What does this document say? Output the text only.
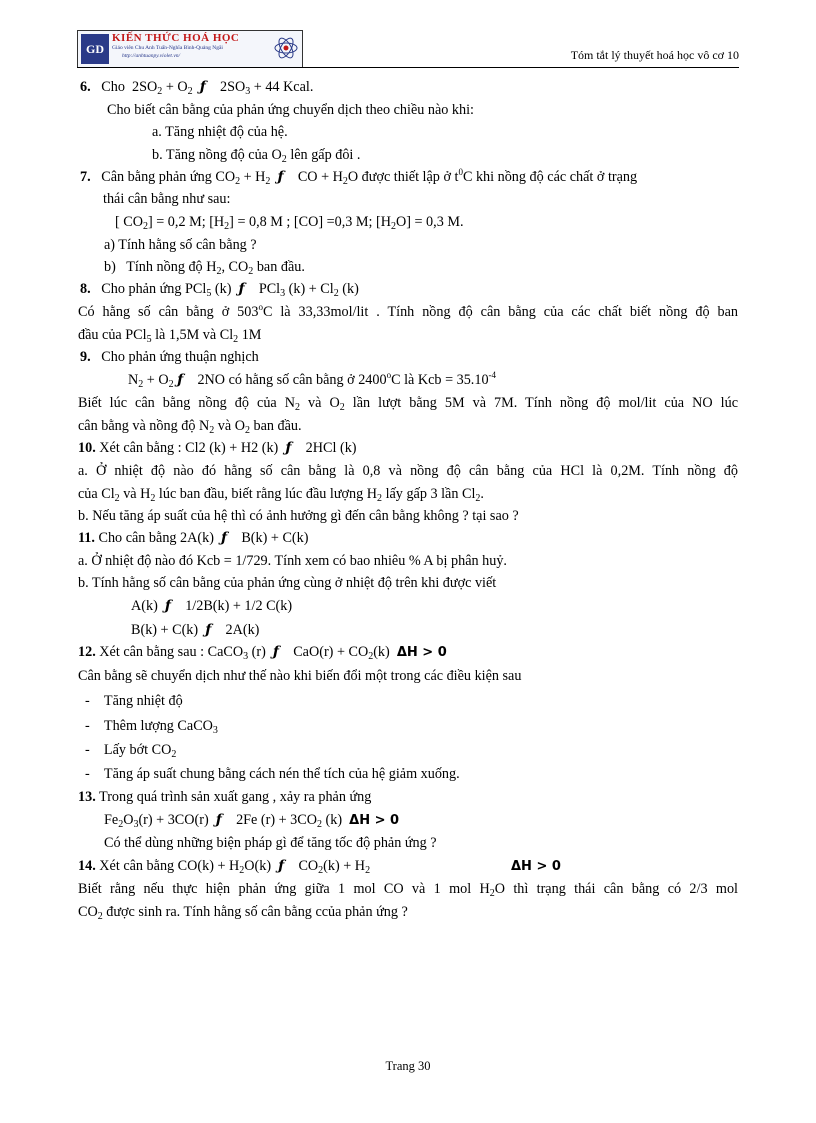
GD
KIẾN THỨC HOÁ HỌC
Giáo viên Chu Anh Tuấn-Nghĩa Bình-Quảng Ngãi
http://anhtuanpy.violet.vn/	Tóm tắt lý thuyết hoá học vô cơ 10
6. Cho $2SO_2 + O_2$ ƒ $2SO_3 + 44$ Kcal.
Cho biết cân bằng của phản ứng chuyển dịch theo chiều nào khi:
a. Tăng nhiệt độ của hệ.
b. Tăng nồng độ của $O_2$ lên gấp đôi .
7. Cân bằng phản ứng $CO_2 + H_2$ ƒ    CO + $H_2O$ được thiết lập ở $t^0C$ khi nồng độ các chất ở trạng
thái cân bằng như sau:
[ $CO_2] = 0,2$ M; $[H_2] = 0,8$ M ; [CO] =0,3 M; $[H_2O] = 0,3$ M.
a) Tính hằng số cân bằng ?
b)   Tính nồng độ $H_2$, $CO_2$ ban đầu.
8. Cho phản ứng PCl$_5$ (k) ƒ    PCl$_3$ $(k) + Cl_2$ (k)
Có hằng số cân bằng ở 503$^o$C là 33,33mol/lit . Tính nồng độ cân bằng của các chất biết nồng độ ban
đầu của PCl$_5$ là 1,5M và $Cl_2$ 1M
9. Cho phản ứng thuận nghịch
$N_2 + O_2$ ƒ    2NO có hằng số cân bằng ở 2400$^o$C là Kcb = $35.10^{-4}$
Biết lúc cân bằng nồng độ của $N_2$ và $O_2$ lần lượt bằng 5M và 7M. Tính nồng độ mol/lit của NO lúc
cân bằng và nồng độ $N_2$ và $O_2$ ban đầu.
10. Xét cân bằng : Cl2 (k) + H2 (k) ƒ    2HCl (k)
a. Ở nhiệt độ nào đó hằng số cân bằng là 0,8 và nồng độ cân bằng của HCl là 0,2M. Tính nồng độ
của $Cl_2$ và $H_2$ lúc ban đầu, biết rằng lúc đầu lượng $H_2$ lấy gấp 3 lần $Cl_2$.
b. Nếu tăng áp suất của hệ thì có ảnh hưởng gì đến cân bằng không ? tại sao ?
11. Cho cân bằng 2A(k) ƒ    B(k) + C(k)
a. Ở nhiệt độ nào đó Kcb = 1/729. Tính xem có bao nhiêu % A bị phân huỷ.
b. Tính hằng số cân bằng của phản ứng cùng ở nhiệt độ trên khi được viết
A(k) ƒ    1/2B(k) + 1/2 C(k)
B(k) + C(k) ƒ    2A(k)
12. Xét cân bằng sau : CaCO$_3$ (r) ƒ    $CaO(r) + CO_2(k) \Delta H > 0$
Cân bằng sẽ chuyển dịch như thế nào khi biến đổi một trong các điều kiện sau
-    Tăng nhiệt độ
-    Thêm lượng CaCO$_3$
-    Lấy bớt $CO_2$
-    Tăng áp suất chung bằng cách nén thể tích của hệ giảm xuống.
13. Trong quá trình sản xuất gang , xảy ra phản ứng
$Fe_2O_3(r) + 3CO(r)$ ƒ    2Fe $(r) + 3CO_2$ (k) ΔH > 0
Có thể dùng những biện pháp gì để tăng tốc độ phản ứng ?
14. Xét cân bằng $CO(k) + H_2O(k)$ ƒ    $CO_2(k) + H_2$	ΔH > 0
Biết rằng nếu thực hiện phản ứng giữa 1 mol CO và 1 mol $H_2O$ thì trạng thái cân bằng có 2/3 mol
$CO_2$ được sinh ra. Tính hằng số cân bằng ccủa phản ứng ?
Trang 30
